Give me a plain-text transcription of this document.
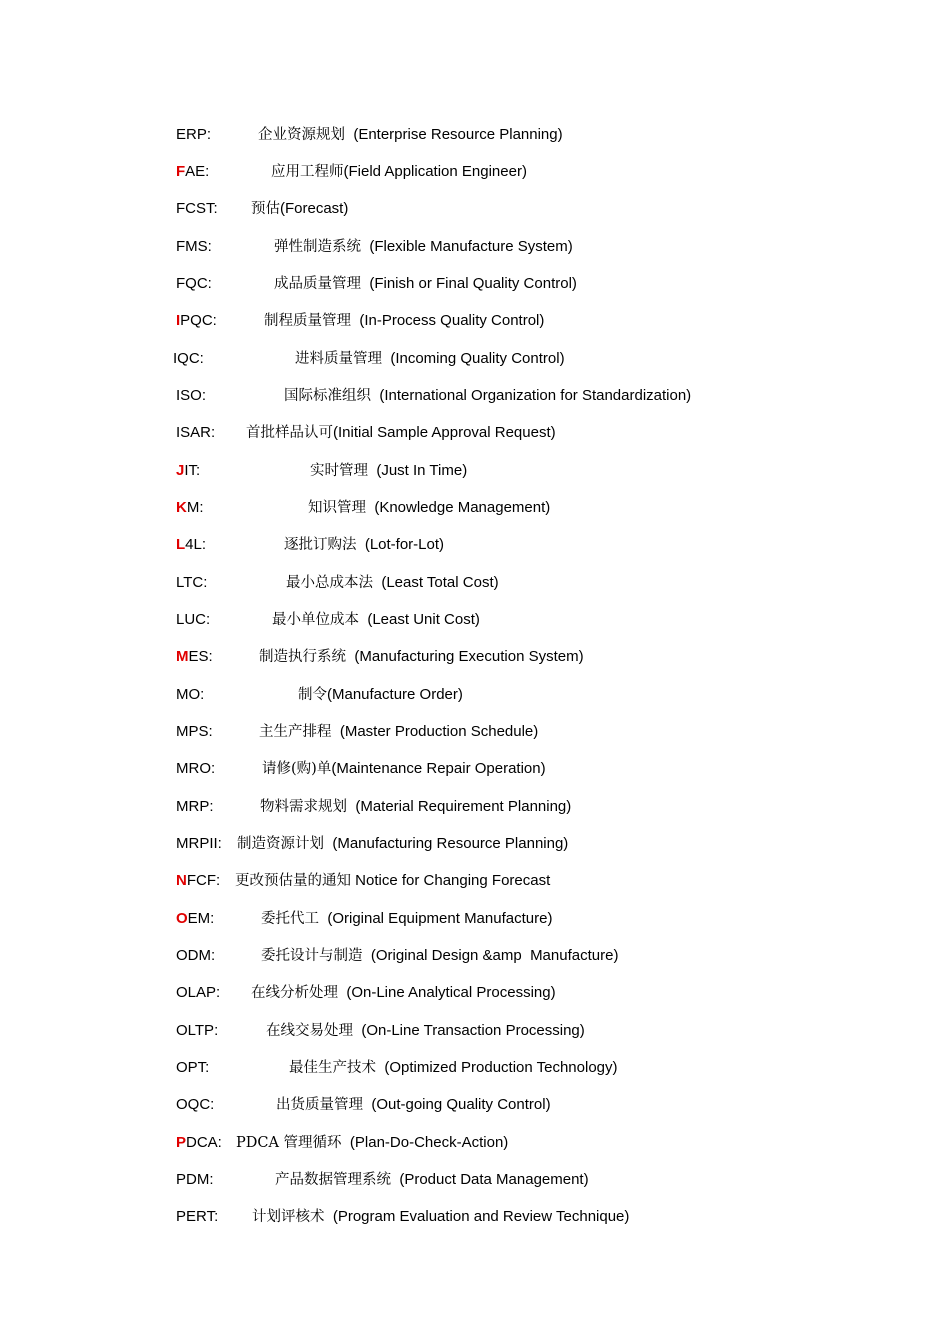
ERP:	企业资源规划  (Enterprise Resource Planning)
FAE:	应用工程师(Field Application Engineer)
FCST: 预估(Forecast)
FMS:	弹性制造系统  (Flexible Manufacture System)
FQC:	成品质量管理  (Finish or Final Quality Control)
IPQC:	制程质量管理  (In-Process Quality Control)
IQC:	进料质量管理  (Incoming Quality Control)
ISO:	国际标准组织  (International Organization for Standardization)
ISAR: 首批样品认可(Initial Sample Approval Request)
JIT:	实时管理  (Just In Time)
KM:	知识管理  (Knowledge Management)
L4L:	逐批订购法  (Lot-for-Lot)
LTC:	最小总成本法  (Least Total Cost)
LUC:	最小单位成本  (Least Unit Cost)
MES:	制造执行系统  (Manufacturing Execution System)
MO:	制令(Manufacture Order)
MPS:	主生产排程  (Master Production Schedule)
MRO:	请修(购)单(Maintenance Repair Operation)
MRP:	物料需求规划  (Material Requirement Planning)
MRPII: 制造资源计划  (Manufacturing Resource Planning)
NFCF: 更改预估量的通知 Notice for Changing Forecast
OEM:	委托代工  (Original Equipment Manufacture)
ODM:	委托设计与制造  (Original Design &amp  Manufacture)
OLAP: 在线分析处理  (On-Line Analytical Processing)
OLTP:	在线交易处理  (On-Line Transaction Processing)
OPT:	最佳生产技术  (Optimized Production Technology)
OQC:	出货质量管理  (Out-going Quality Control)
PDCA: PDCA 管理循环  (Plan-Do-Check-Action)
PDM:	产品数据管理系统  (Product Data Management)
PERT: 计划评核术  (Program Evaluation and Review Technique)
